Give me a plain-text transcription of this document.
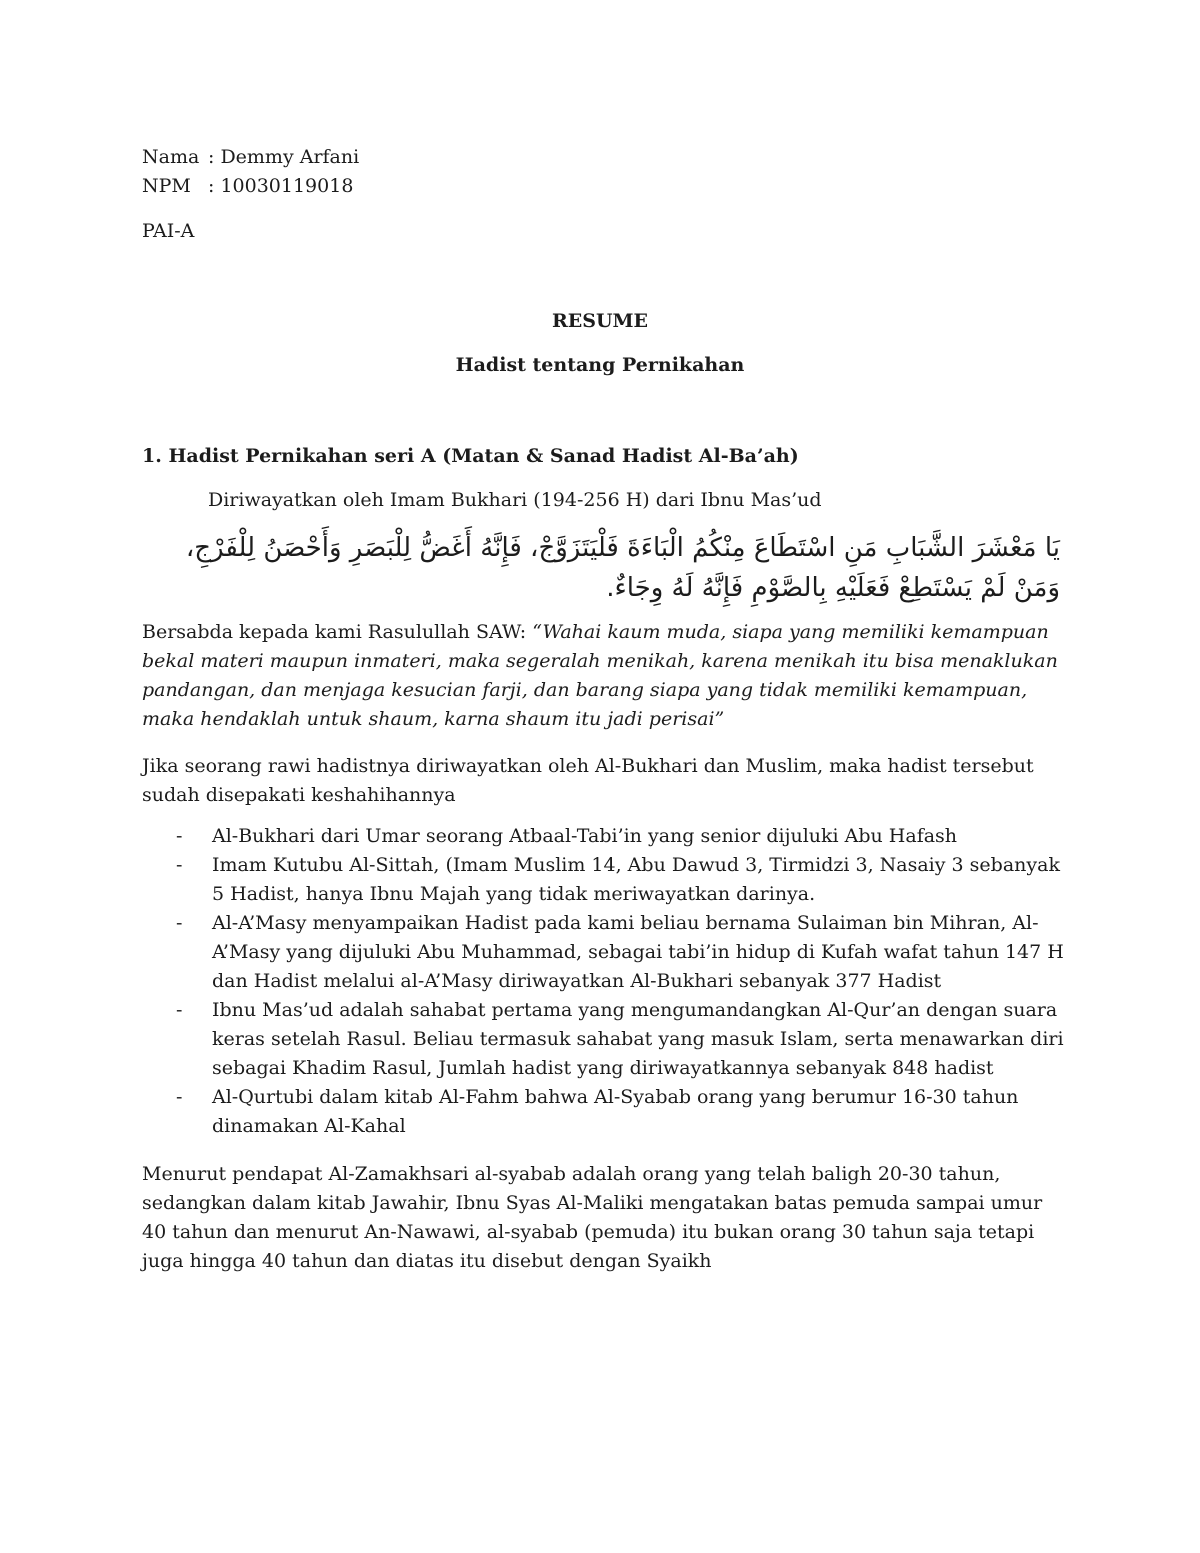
Nama : Demmy Arfani
NPM : 10030119018
PAI-A
RESUME
Hadist tentang Pernikahan
1. Hadist Pernikahan seri A (Matan & Sanad Hadist Al-Ba’ah)
Diriwayatkan oleh Imam Bukhari (194-256 H) dari Ibnu Mas’ud
يَا مَعْشَرَ الشَّبَابِ مَنِ اسْتَطَاعَ مِنْكُمُ الْبَاءَةَ فَلْيَتَزَوَّجْ، فَإِنَّهُ أَغَضُّ لِلْبَصَرِ وَأَحْصَنُ لِلْفَرْجِ، وَمَنْ لَمْ يَسْتَطِعْ فَعَلَيْهِ بِالصَّوْمِ فَإِنَّهُ لَهُ وِجَاءٌ.
Bersabda kepada kami Rasulullah SAW: “Wahai kaum muda, siapa yang memiliki kemampuan bekal materi maupun inmateri, maka segeralah menikah, karena menikah itu bisa menaklukan pandangan, dan menjaga kesucian farji, dan barang siapa yang tidak memiliki kemampuan, maka hendaklah untuk shaum, karna shaum itu jadi perisai”
Jika seorang rawi hadistnya diriwayatkan oleh Al-Bukhari dan Muslim, maka hadist tersebut sudah disepakati keshahihannya
- Al-Bukhari dari Umar seorang Atbaal-Tabi’in yang senior dijuluki Abu Hafash
- Imam Kutubu Al-Sittah, (Imam Muslim 14, Abu Dawud 3, Tirmidzi 3, Nasaiy 3 sebanyak 5 Hadist, hanya Ibnu Majah yang tidak meriwayatkan darinya.
- Al-A’Masy menyampaikan Hadist pada kami beliau bernama Sulaiman bin Mihran, Al-A’Masy yang dijuluki Abu Muhammad, sebagai tabi’in hidup di Kufah wafat tahun 147 H dan Hadist melalui al-A’Masy diriwayatkan Al-Bukhari sebanyak 377 Hadist
- Ibnu Mas’ud adalah sahabat pertama yang mengumandangkan Al-Qur’an dengan suara keras setelah Rasul. Beliau termasuk sahabat yang masuk Islam, serta menawarkan diri sebagai Khadim Rasul, Jumlah hadist yang diriwayatkannya sebanyak 848 hadist
- Al-Qurtubi dalam kitab Al-Fahm bahwa Al-Syabab orang yang berumur 16-30 tahun dinamakan Al-Kahal
Menurut pendapat Al-Zamakhsari al-syabab adalah orang yang telah baligh 20-30 tahun, sedangkan dalam kitab Jawahir, Ibnu Syas Al-Maliki mengatakan batas pemuda sampai umur 40 tahun dan menurut An-Nawawi, al-syabab (pemuda) itu bukan orang 30 tahun saja tetapi juga hingga 40 tahun dan diatas itu disebut dengan Syaikh
